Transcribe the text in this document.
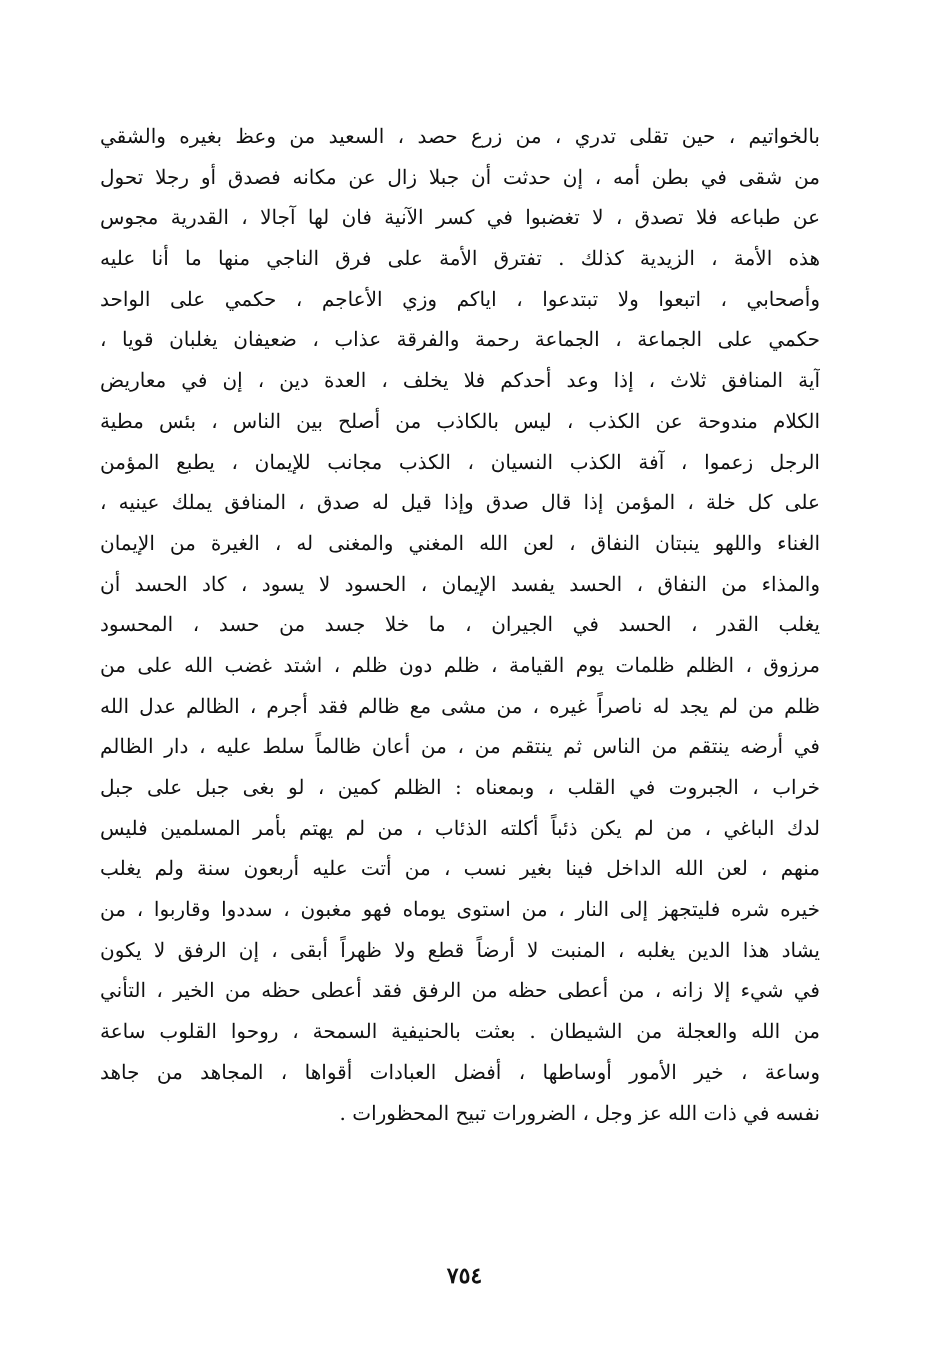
بالخواتيم ، حين تقلى تدري ، من زرع حصد ، السعيد من وعظ بغيره والشقي
من شقى في بطن أمه ، إن حدثت أن جبلا زال عن مكانه فصدق أو رجلا تحول
عن طباعه فلا تصدق ، لا تغضبوا في كسر الآنية فان لها آجالا ، القدرية مجوس
هذه الأمة ، الزيدية كذلك . تفترق الأمة على فرق الناجي منها ما أنا عليه
وأصحابي ، اتبعوا ولا تبتدعوا ، اياكم وزي الأعاجم ، حكمي على الواحد
حكمي على الجماعة ، الجماعة رحمة والفرقة عذاب ، ضعيفان يغلبان قويا ،
آية المنافق ثلاث ، إذا وعد أحدكم فلا يخلف ، العدة دين ، إن في معاريض
الكلام مندوحة عن الكذب ، ليس بالكاذب من أصلح بين الناس ، بئس مطية
الرجل زعموا ، آفة الكذب النسيان ، الكذب مجانب للإيمان ، يطبع المؤمن
على كل خلة ، المؤمن إذا قال صدق وإذا قيل له صدق ، المنافق يملك عينيه ،
الغناء واللهو ينبتان النفاق ، لعن الله المغني والمغنى له ، الغيرة من الإيمان
والمذاء من النفاق ، الحسد يفسد الإيمان ، الحسود لا يسود ، كاد الحسد أن
يغلب القدر ، الحسد في الجيران ، ما خلا جسد من حسد ، المحسود
مرزوق ، الظلم ظلمات يوم القيامة ، ظلم دون ظلم ، اشتد غضب الله على من
ظلم من لم يجد له ناصراً غيره ، من مشى مع ظالم فقد أجرم ، الظالم عدل الله
في أرضه ينتقم من الناس ثم ينتقم من ، من أعان ظالماً سلط عليه ، دار الظالم
خراب ، الجبروت في القلب ، وبمعناه : الظلم كمين ، لو بغى جبل على جبل
لدك الباغي ، من لم يكن ذئباً أكلته الذئاب ، من لم يهتم بأمر المسلمين فليس
منهم ، لعن الله الداخل فينا بغير نسب ، من أتت عليه أربعون سنة ولم يغلب
خيره شره فليتجهز إلى النار ، من استوى يوماه فهو مغبون ، سددوا وقاربوا ، من
يشاد هذا الدين يغلبه ، المنبت لا أرضاً قطع ولا ظهراً أبقى ، إن الرفق لا يكون
في شيء إلا زانه ، من أعطى حظه من الرفق فقد أعطى حظه من الخير ، التأني
من الله والعجلة من الشيطان . بعثت بالحنيفية السمحة ، روحوا القلوب ساعة
وساعة ، خير الأمور أوساطها ، أفضل العبادات أقواها ، المجاهد من جاهد
نفسه في ذات الله عز وجل ، الضرورات تبيح المحظورات .
٧٥٤
